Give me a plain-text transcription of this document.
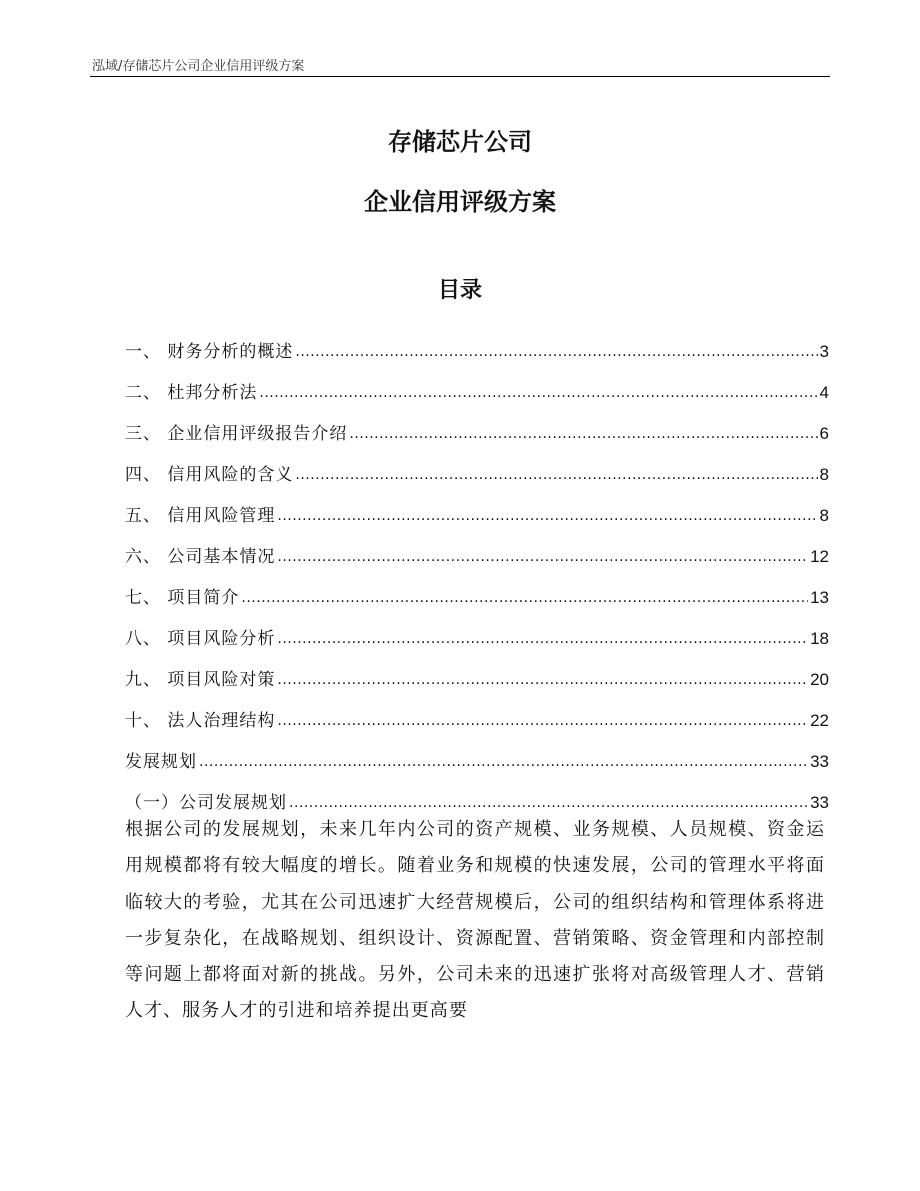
泓域/存储芯片公司企业信用评级方案
存储芯片公司
企业信用评级方案
目录
一、 财务分析的概述 .....	3
二、 杜邦分析法 .....	4
三、 企业信用评级报告介绍 .....	6
四、 信用风险的含义 .....	8
五、 信用风险管理 .....	8
六、 公司基本情况 .....	12
七、 项目简介 .....	13
八、 项目风险分析 .....	18
九、 项目风险对策 .....	20
十、 法人治理结构 .....	22
发展规划 .....	33
（一）公司发展规划 .....	33
根据公司的发展规划，未来几年内公司的资产规模、业务规模、人员规模、资金运用规模都将有较大幅度的增长。随着业务和规模的快速发展，公司的管理水平将面临较大的考验，尤其在公司迅速扩大经营规模后，公司的组织结构和管理体系将进一步复杂化，在战略规划、组织设计、资源配置、营销策略、资金管理和内部控制等问题上都将面对新的挑战。另外，公司未来的迅速扩张将对高级管理人才、营销人才、服务人才的引进和培养提出更高要
